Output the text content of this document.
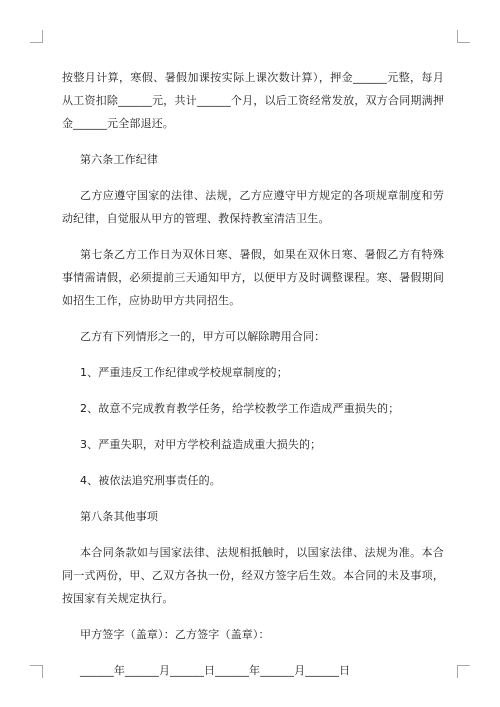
按整月计算，寒假、暑假加课按实际上课次数计算），押金______元整，每月从工资扣除______元，共计______个月，以后工资经常发放，双方合同期满押金______元全部退还。

第六条工作纪律

乙方应遵守国家的法律、法规，乙方应遵守甲方规定的各项规章制度和劳动纪律，自觉服从甲方的管理、教保持教室清洁卫生。

第七条乙方工作日为双休日寒、暑假，如果在双休日寒、暑假乙方有特殊事情需请假，必须提前三天通知甲方，以便甲方及时调整课程。寒、暑假期间如招生工作，应协助甲方共同招生。

乙方有下列情形之一的，甲方可以解除聘用合同：

1、严重违反工作纪律或学校规章制度的；

2、故意不完成教育教学任务，给学校教学工作造成严重损失的；

3、严重失职，对甲方学校利益造成重大损失的；

4、被依法追究刑事责任的。

第八条其他事项

本合同条款如与国家法律、法规相抵触时，以国家法律、法规为准。本合同一式两份，甲、乙双方各执一份，经双方签字后生效。本合同的未及事项，按国家有关规定执行。

甲方签字（盖章）：乙方签字（盖章）：

______年______月______日______年______月______日
